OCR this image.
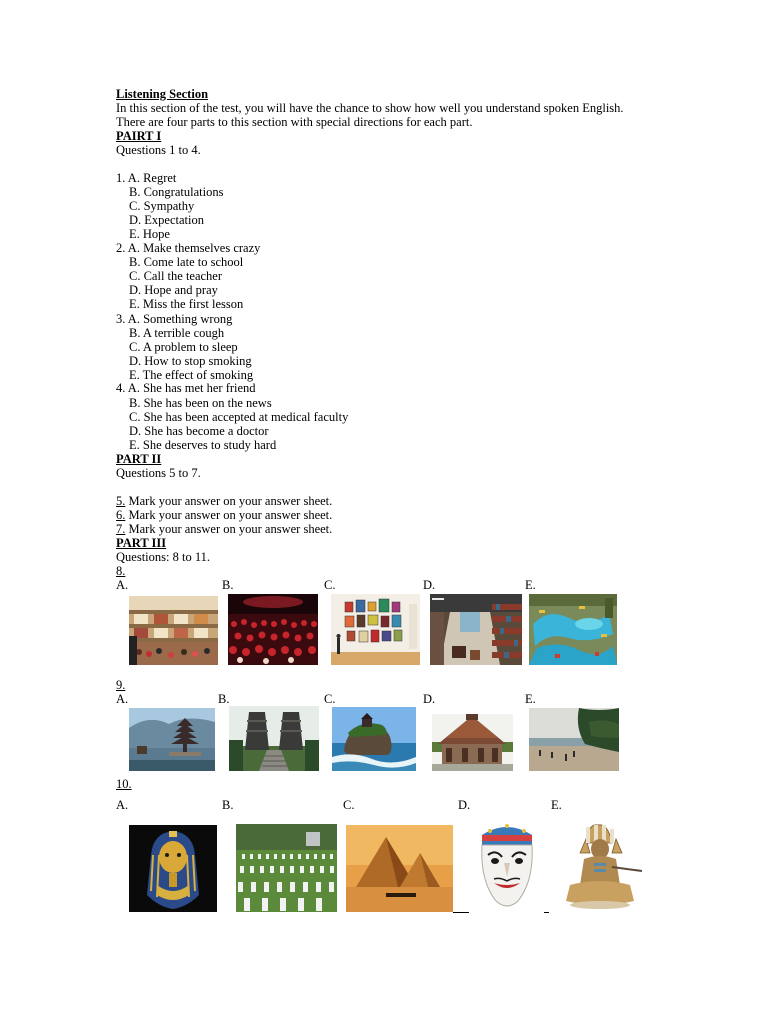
Listening Section
In this section of the test, you will have the chance to show how well you understand spoken English.
There are four parts to this section with special directions for each part.
PAIRT I
Questions 1 to 4.
1. A. Regret
B. Congratulations
C. Sympathy
D. Expectation
E. Hope
2. A. Make themselves crazy
B. Come late to school
C. Call the teacher
D. Hope and pray
E. Miss the first lesson
3. A. Something wrong
B. A terrible cough
C. A problem to sleep
D. How to stop smoking
E. The effect of smoking
4. A. She has met her friend
B. She has been on the news
C. She has been accepted at medical faculty
D. She has become a doctor
E. She deserves to study hard
PART II
Questions 5 to 7.
5. Mark your answer on your answer sheet.
6. Mark your answer on your answer sheet.
7. Mark your answer on your answer sheet.
PART III
Questions: 8 to 11.
8.
A.	B.	C.	D.	E.
9.
A.	B.	C.	D.	E.
10.
A.	B.	C.	D.	E.
